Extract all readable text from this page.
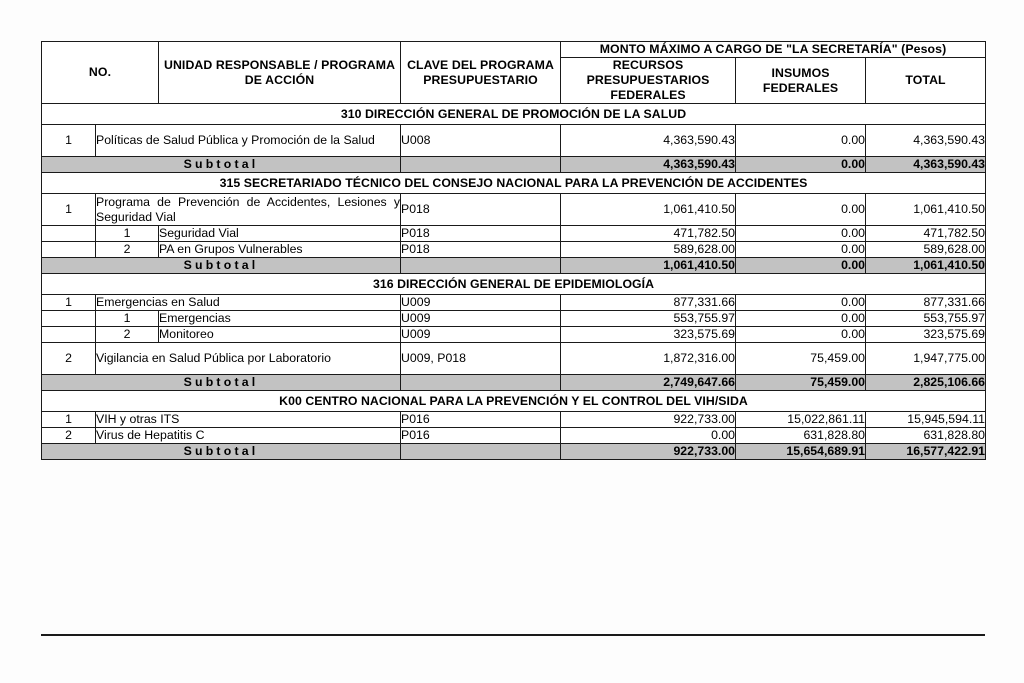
NO.		UNIDAD RESPONSABLE / PROGRAMA DE ACCIÓN	CLAVE DEL PROGRAMA PRESUPUESTARIO	MONTO MÁXIMO A CARGO DE "LA SECRETARÍA" (Pesos)		
				RECURSOS PRESUPUESTARIOS FEDERALES	INSUMOS FEDERALES	TOTAL
310 DIRECCIÓN GENERAL DE PROMOCIÓN DE LA SALUD						
1	Políticas de Salud Pública y Promoción de la Salud		U008	4,363,590.43	0.00	4,363,590.43
Subtotal				4,363,590.43	0.00	4,363,590.43
315 SECRETARIADO TÉCNICO DEL CONSEJO NACIONAL PARA LA PREVENCIÓN DE ACCIDENTES						
1	Programa de Prevención de Accidentes, Lesiones y Seguridad Vial		P018	1,061,410.50	0.00	1,061,410.50
	1	Seguridad Vial	P018	471,782.50	0.00	471,782.50
	2	PA en Grupos Vulnerables	P018	589,628.00	0.00	589,628.00
Subtotal				1,061,410.50	0.00	1,061,410.50
316 DIRECCIÓN GENERAL DE EPIDEMIOLOGÍA						
1	Emergencias en Salud		U009	877,331.66	0.00	877,331.66
	1	Emergencias	U009	553,755.97	0.00	553,755.97
	2	Monitoreo	U009	323,575.69	0.00	323,575.69
2	Vigilancia en Salud Pública por Laboratorio		U009, P018	1,872,316.00	75,459.00	1,947,775.00
Subtotal				2,749,647.66	75,459.00	2,825,106.66
K00 CENTRO NACIONAL PARA LA PREVENCIÓN Y EL CONTROL DEL VIH/SIDA						
1	VIH y otras ITS		P016	922,733.00	15,022,861.11	15,945,594.11
2	Virus de Hepatitis C		P016	0.00	631,828.80	631,828.80
Subtotal				922,733.00	15,654,689.91	16,577,422.91
